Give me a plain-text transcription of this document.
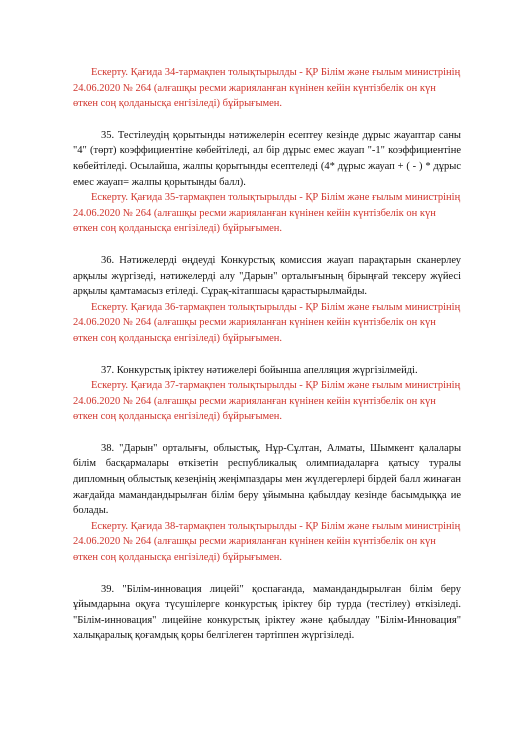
Ескерту. Қағида 34-тармақпен толықтырылды - ҚР Білім және ғылым министрінің 24.06.2020 № 264 (алғашқы ресми жарияланған күнінен кейін күнтізбелік он күн өткен соң қолданысқа енгізіледі) бұйрығымен.

35. Тестілеудің қорытынды нәтижелерін есептеу кезінде дұрыс жауаптар саны "4" (төрт) коэффициентіне көбейтіледі, ал бір дұрыс емес жауап "-1" коэффициентіне көбейтіледі. Осылайша, жалпы қорытынды есептеледі (4* дұрыс жауап + ( - ) * дұрыс емес жауап= жалпы қорытынды балл).

Ескерту. Қағида 35-тармақпен толықтырылды - ҚР Білім және ғылым министрінің 24.06.2020 № 264 (алғашқы ресми жарияланған күнінен кейін күнтізбелік он күн өткен соң қолданысқа енгізіледі) бұйрығымен.

36. Нәтижелерді өңдеуді Конкурстық комиссия жауап парақтарын сканерлеу арқылы жүргізеді, нәтижелерді алу "Дарын" орталығының бірыңғай тексеру жүйесі арқылы қамтамасыз етіледі. Сұрақ-кітапшасы қарастырылмайды.

Ескерту. Қағида 36-тармақпен толықтырылды - ҚР Білім және ғылым министрінің 24.06.2020 № 264 (алғашқы ресми жарияланған күнінен кейін күнтізбелік он күн өткен соң қолданысқа енгізіледі) бұйрығымен.

37. Конкурстық іріктеу нәтижелері бойынша апелляция жүргізілмейді.

Ескерту. Қағида 37-тармақпен толықтырылды - ҚР Білім және ғылым министрінің 24.06.2020 № 264 (алғашқы ресми жарияланған күнінен кейін күнтізбелік он күн өткен соң қолданысқа енгізіледі) бұйрығымен.

38. "Дарын" орталығы, облыстық, Нұр-Сұлтан, Алматы, Шымкент қалалары білім басқармалары өткізетін республикалық олимпиадаларға қатысу туралы дипломның облыстық кезеңінің жеңімпаздары мен жүлдегерлері бірдей балл жинаған жағдайда мамандандырылған білім беру ұйымына қабылдау кезінде басымдыққа ие болады.

Ескерту. Қағида 38-тармақпен толықтырылды - ҚР Білім және ғылым министрінің 24.06.2020 № 264 (алғашқы ресми жарияланған күнінен кейін күнтізбелік он күн өткен соң қолданысқа енгізіледі) бұйрығымен.

39. "Білім-инновация лицейі" қоспағанда, мамандандырылған білім беру ұйымдарына оқуға түсушілерге конкурстық іріктеу бір турда (тестілеу) өткізіледі. "Білім-инновация" лицейіне конкурстық іріктеу және қабылдау "Білім-Инновация" халықаралық қоғамдық қоры белгілеген тәртіппен жүргізіледі.
